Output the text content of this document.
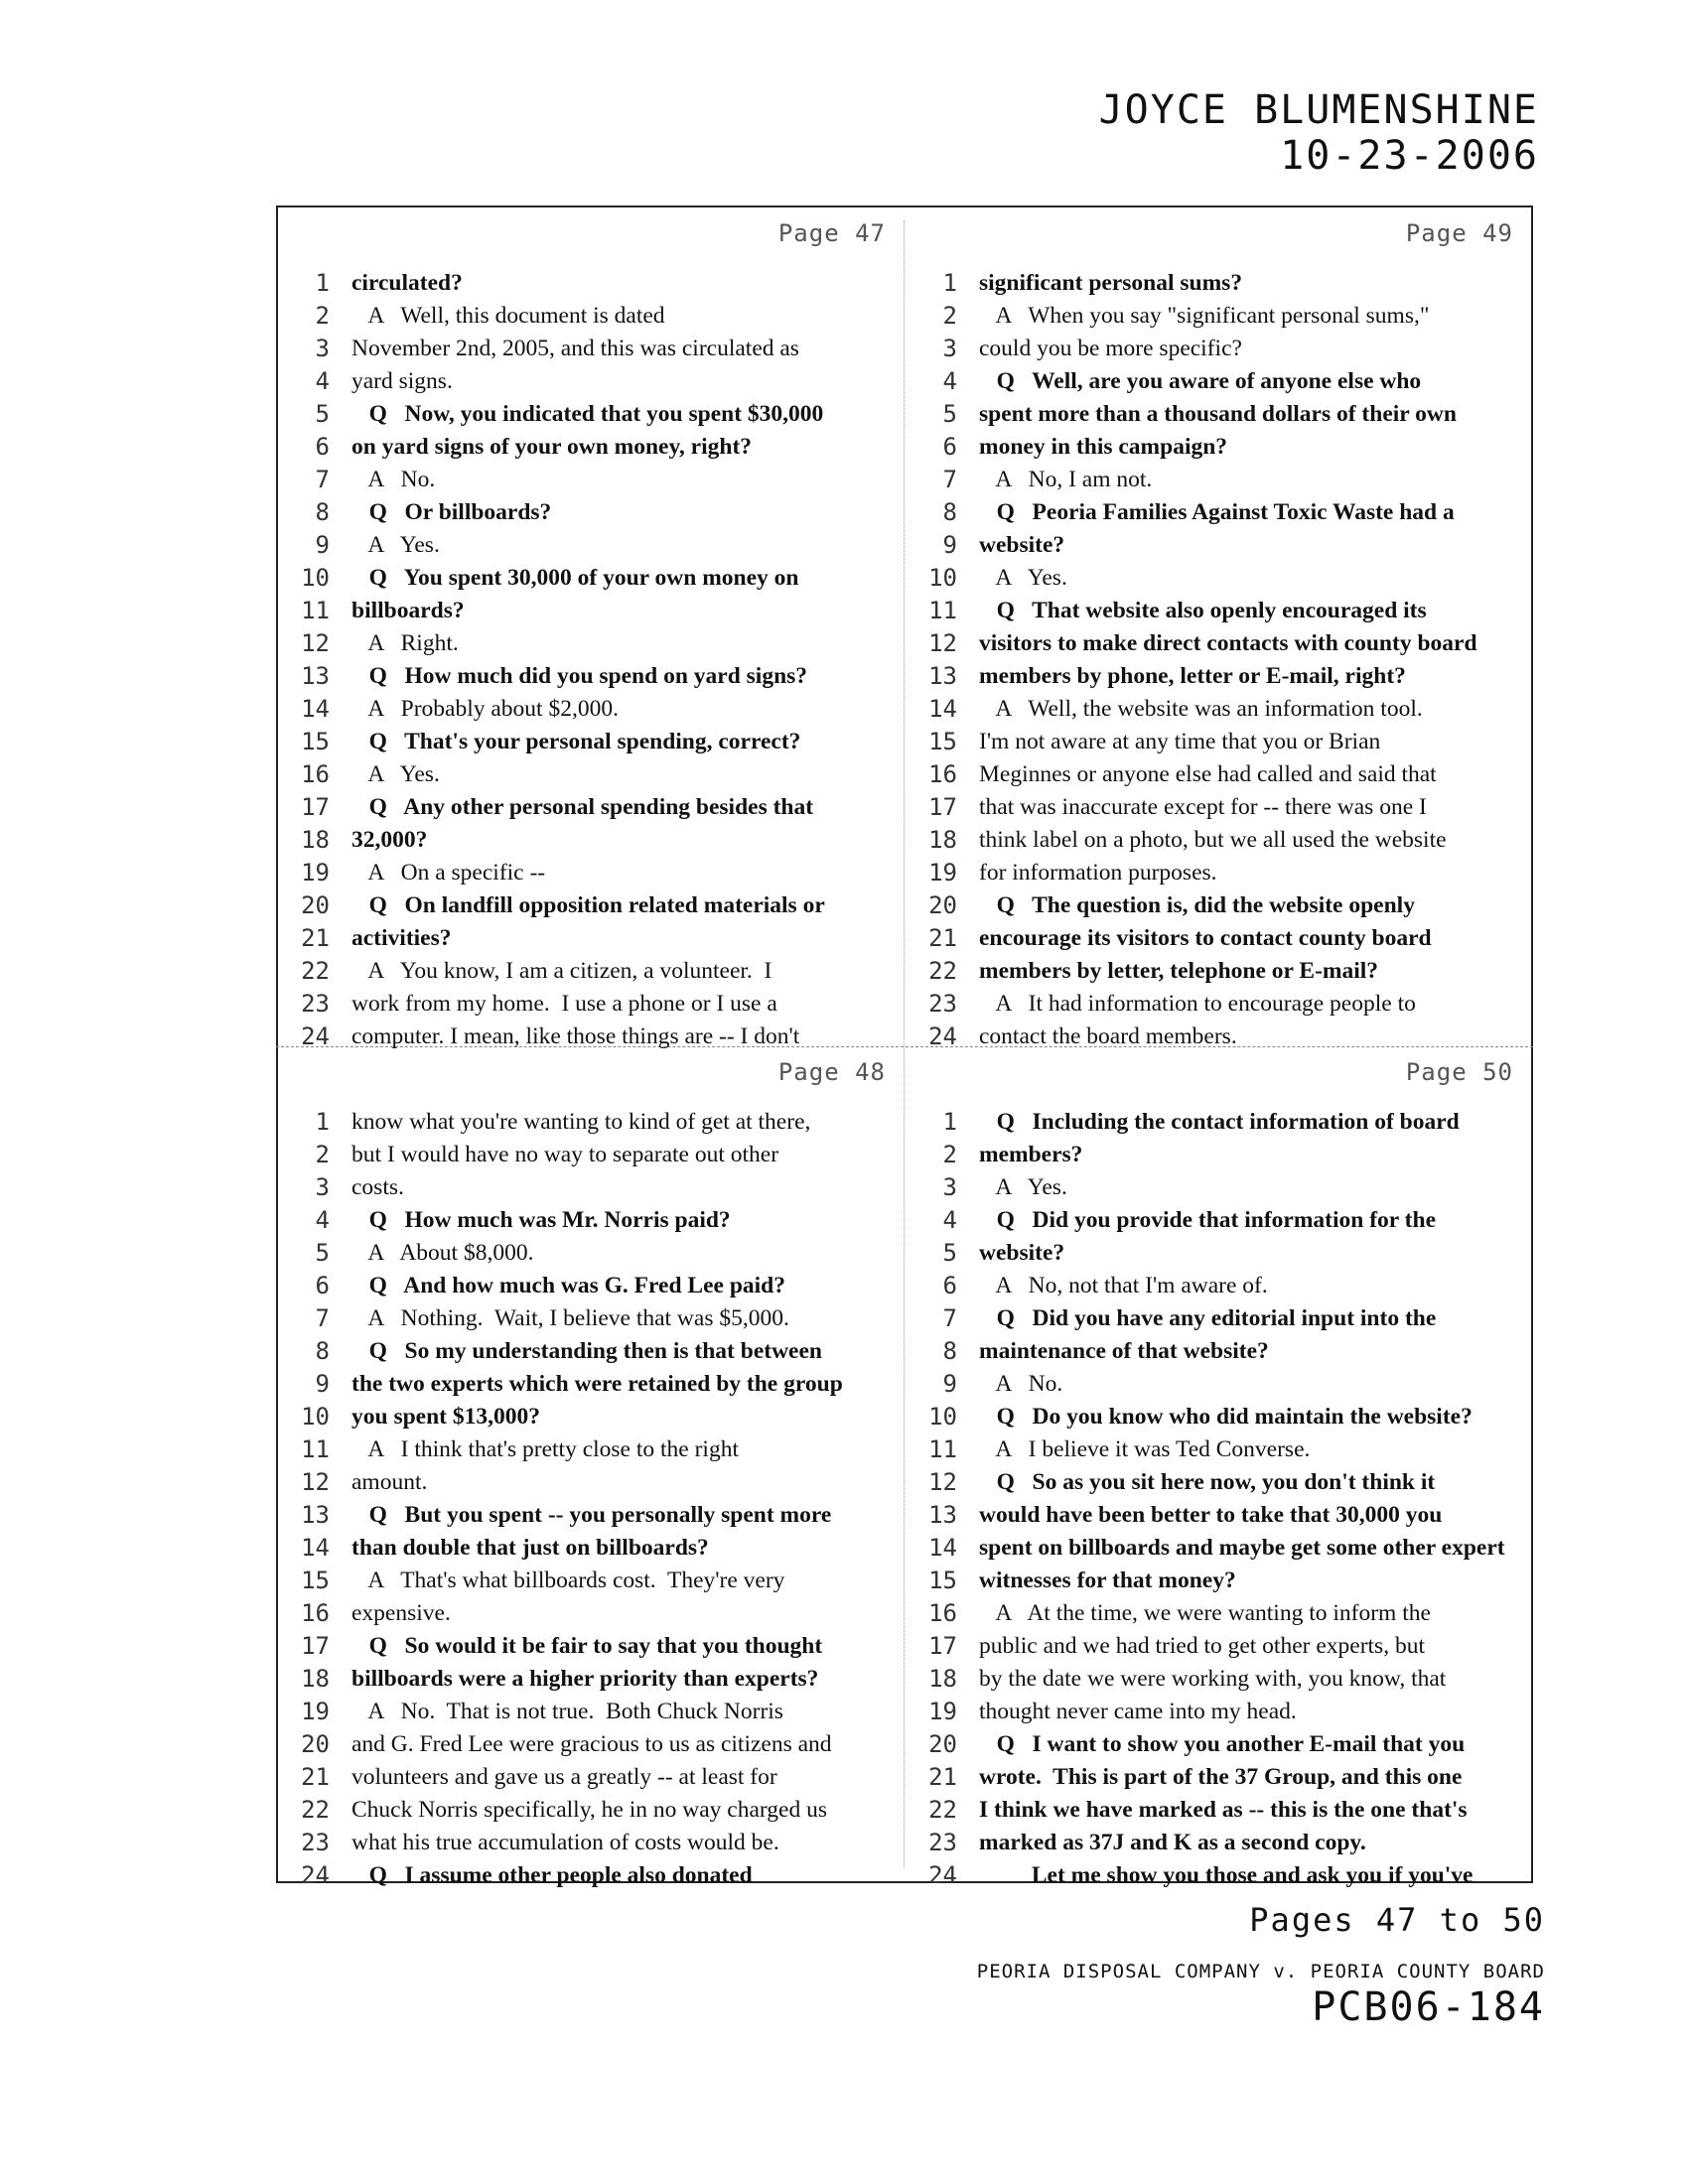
JOYCE BLUMENSHINE
10-23-2006
Page 47
1 circulated?
2 A   Well, this document is dated
3 November 2nd, 2005, and this was circulated as
4 yard signs.
5 Q   Now, you indicated that you spent $30,000
6 on yard signs of your own money, right?
7 A   No.
8 Q   Or billboards?
9 A   Yes.
10 Q   You spent 30,000 of your own money on
11 billboards?
12 A   Right.
13 Q   How much did you spend on yard signs?
14 A   Probably about $2,000.
15 Q   That's your personal spending, correct?
16 A   Yes.
17 Q   Any other personal spending besides that
18 32,000?
19 A   On a specific --
20 Q   On landfill opposition related materials or
21 activities?
22 A   You know, I am a citizen, a volunteer.  I
23 work from my home.  I use a phone or I use a
24 computer. I mean, like those things are -- I don't
Page 49
1 significant personal sums?
2 A   When you say "significant personal sums,"
3 could you be more specific?
4 Q   Well, are you aware of anyone else who
5 spent more than a thousand dollars of their own
6 money in this campaign?
7 A   No, I am not.
8 Q   Peoria Families Against Toxic Waste had a
9 website?
10 A   Yes.
11 Q   That website also openly encouraged its
12 visitors to make direct contacts with county board
13 members by phone, letter or E-mail, right?
14 A   Well, the website was an information tool.
15 I'm not aware at any time that you or Brian
16 Meginnes or anyone else had called and said that
17 that was inaccurate except for -- there was one I
18 think label on a photo, but we all used the website
19 for information purposes.
20 Q   The question is, did the website openly
21 encourage its visitors to contact county board
22 members by letter, telephone or E-mail?
23 A   It had information to encourage people to
24 contact the board members.
Page 48
1 know what you're wanting to kind of get at there,
2 but I would have no way to separate out other
3 costs.
4 Q   How much was Mr. Norris paid?
5 A   About $8,000.
6 Q   And how much was G. Fred Lee paid?
7 A   Nothing.  Wait, I believe that was $5,000.
8 Q   So my understanding then is that between
9 the two experts which were retained by the group
10 you spent $13,000?
11 A   I think that's pretty close to the right
12 amount.
13 Q   But you spent -- you personally spent more
14 than double that just on billboards?
15 A   That's what billboards cost.  They're very
16 expensive.
17 Q   So would it be fair to say that you thought
18 billboards were a higher priority than experts?
19 A   No.  That is not true.  Both Chuck Norris
20 and G. Fred Lee were gracious to us as citizens and
21 volunteers and gave us a greatly -- at least for
22 Chuck Norris specifically, he in no way charged us
23 what his true accumulation of costs would be.
24 Q   I assume other people also donated
Page 50
1 Q   Including the contact information of board
2 members?
3 A   Yes.
4 Q   Did you provide that information for the
5 website?
6 A   No, not that I'm aware of.
7 Q   Did you have any editorial input into the
8 maintenance of that website?
9 A   No.
10 Q   Do you know who did maintain the website?
11 A   I believe it was Ted Converse.
12 Q   So as you sit here now, you don't think it
13 would have been better to take that 30,000 you
14 spent on billboards and maybe get some other expert
15 witnesses for that money?
16 A   At the time, we were wanting to inform the
17 public and we had tried to get other experts, but
18 by the date we were working with, you know, that
19 thought never came into my head.
20 Q   I want to show you another E-mail that you
21 wrote.  This is part of the 37 Group, and this one
22 I think we have marked as -- this is the one that's
23 marked as 37J and K as a second copy.
24 Let me show you those and ask you if you've
Pages 47 to 50
PEORIA DISPOSAL COMPANY v. PEORIA COUNTY BOARD
PCB06-184
